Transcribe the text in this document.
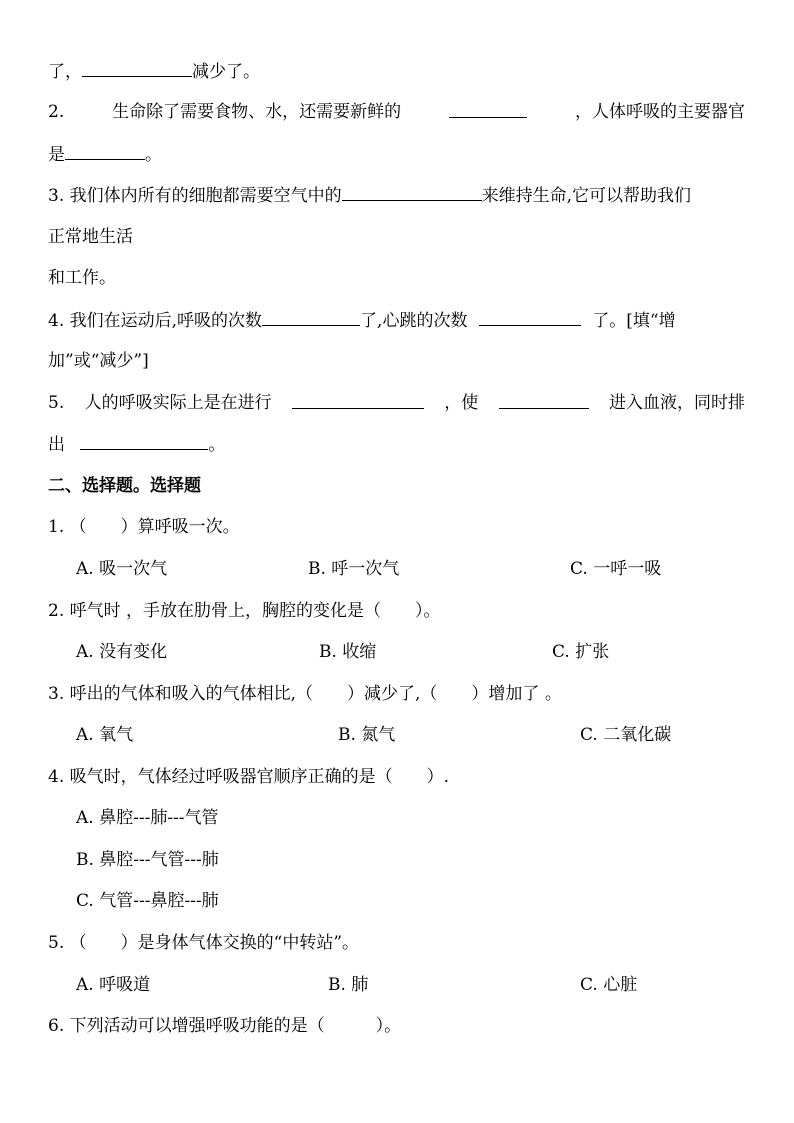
了，	减少了。
2.	生命除了需要食物、水，还需要新鲜的	，人体呼吸的主要器官
是	。
3. 我们体内所有的细胞都需要空气中的	来维持生命,它可以帮助我们
正常地生活
和工作。
4. 我们在运动后,呼吸的次数	了,心跳的次数	了。[填“增
加”或“减少”]
5. 人的呼吸实际上是在进行	，使	进入血液，同时排
出	。
二、选择题。选择题
1. （　　）算呼吸一次。
A. 吸一次气	B. 呼一次气	C. 一呼一吸
2. 呼气时 ，手放在肋骨上，胸腔的变化是（　　）。
A. 没有变化	B. 收缩	C. 扩张
3. 呼出的气体和吸入的气体相比,（　　）减少了,（　　）增加了 。
A. 氧气	B. 氮气	C. 二氧化碳
4. 吸气时，气体经过呼吸器官顺序正确的是（　　）.
A. 鼻腔---肺---气管
B. 鼻腔---气管---肺
C. 气管---鼻腔---肺
5. （　　）是身体气体交换的“中转站”。
A. 呼吸道	B. 肺	C. 心脏
6. 下列活动可以增强呼吸功能的是（　　　）。
